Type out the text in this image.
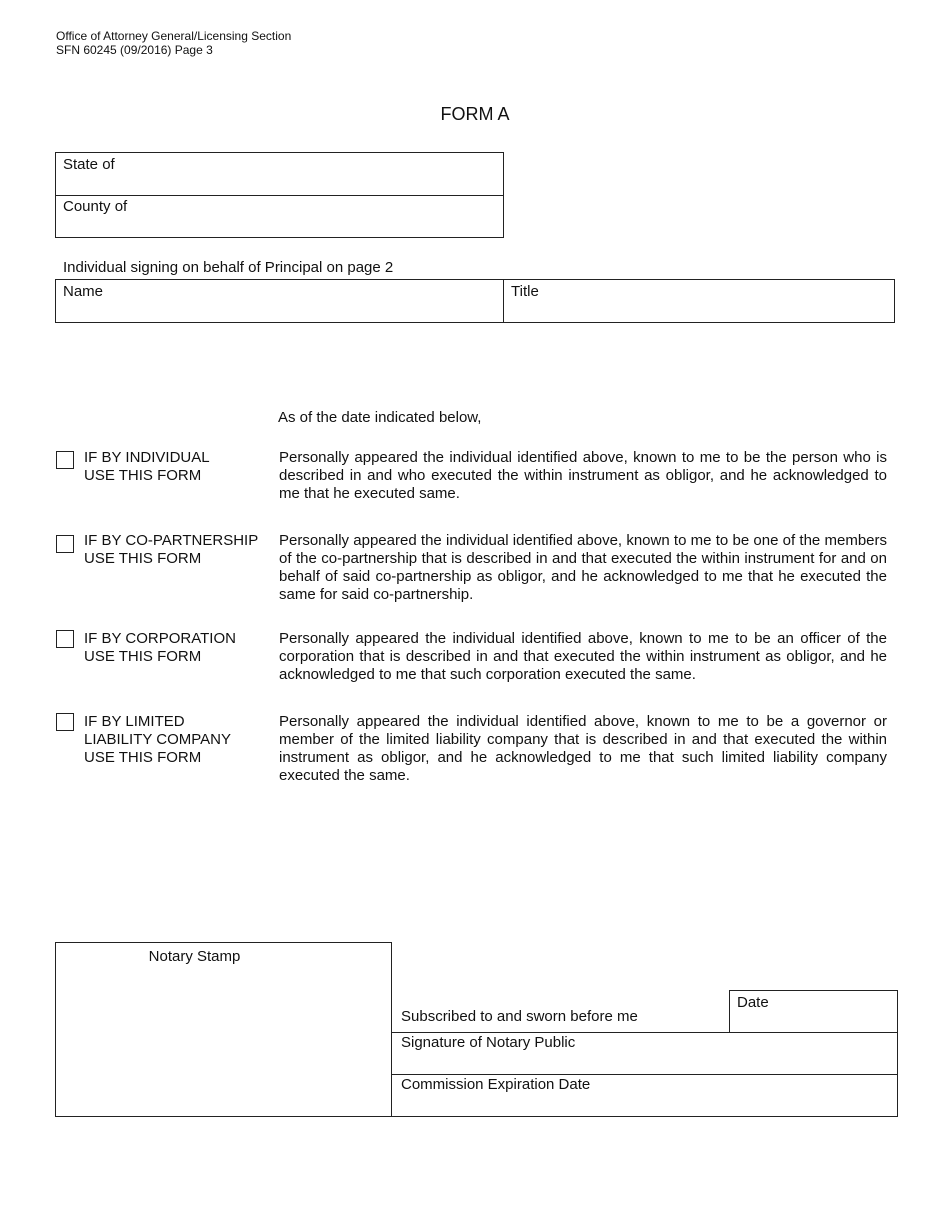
Office of Attorney General/Licensing Section
SFN 60245 (09/2016) Page 3
FORM A
State of
County of
Individual signing on behalf of Principal on page 2
Name	Title
As of the date indicated below,
IF BY INDIVIDUAL
USE THIS FORM
Personally appeared the individual identified above, known to me to be the person who is described in and who executed the within instrument as obligor, and he acknowledged to me that he executed same.
IF BY CO-PARTNERSHIP
USE THIS FORM
Personally appeared the individual identified above, known to me to be one of the members of the co-partnership that is described in and that executed the within instrument for and on behalf of said co-partnership as obligor, and he acknowledged to me that he executed the same for said co-partnership.
IF BY CORPORATION
USE THIS FORM
Personally appeared the individual identified above, known to me to be an officer of the corporation that is described in and that executed the within instrument as obligor, and he acknowledged to me that such corporation executed the same.
IF BY LIMITED
LIABILITY COMPANY
USE THIS FORM
Personally appeared the individual identified above, known to me to be a governor or member of the limited liability company that is described in and that executed the within instrument as obligor, and he acknowledged to me that such limited liability company executed the same.
Notary Stamp
Date
Subscribed to and sworn before me
Signature of Notary Public
Commission Expiration Date
